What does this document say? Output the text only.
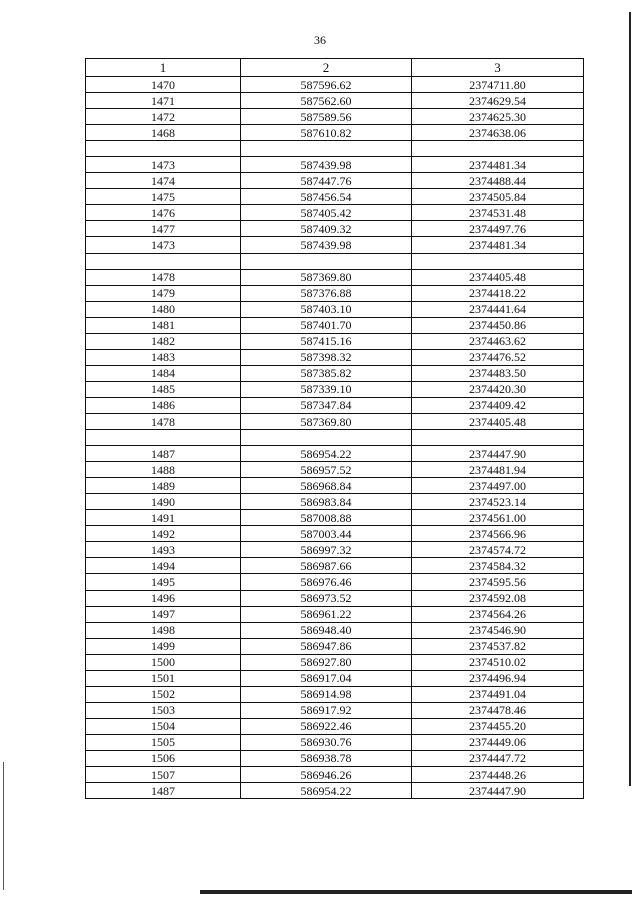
36
1	2	3
1470	587596.62	2374711.80
1471	587562.60	2374629.54
1472	587589.56	2374625.30
1468	587610.82	2374638.06

1473	587439.98	2374481.34
1474	587447.76	2374488.44
1475	587456.54	2374505.84
1476	587405.42	2374531.48
1477	587409.32	2374497.76
1473	587439.98	2374481.34

1478	587369.80	2374405.48
1479	587376.88	2374418.22
1480	587403.10	2374441.64
1481	587401.70	2374450.86
1482	587415.16	2374463.62
1483	587398.32	2374476.52
1484	587385.82	2374483.50
1485	587339.10	2374420.30
1486	587347.84	2374409.42
1478	587369.80	2374405.48

1487	586954.22	2374447.90
1488	586957.52	2374481.94
1489	586968.84	2374497.00
1490	586983.84	2374523.14
1491	587008.88	2374561.00
1492	587003.44	2374566.96
1493	586997.32	2374574.72
1494	586987.66	2374584.32
1495	586976.46	2374595.56
1496	586973.52	2374592.08
1497	586961.22	2374564.26
1498	586948.40	2374546.90
1499	586947.86	2374537.82
1500	586927.80	2374510.02
1501	586917.04	2374496.94
1502	586914.98	2374491.04
1503	586917.92	2374478.46
1504	586922.46	2374455.20
1505	586930.76	2374449.06
1506	586938.78	2374447.72
1507	586946.26	2374448.26
1487	586954.22	2374447.90
